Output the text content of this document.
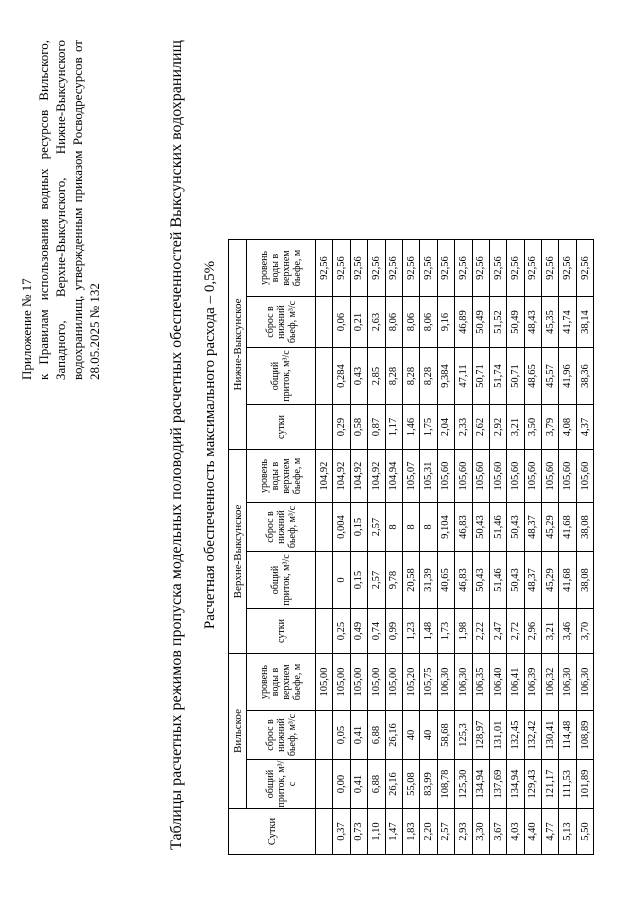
Приложение № 17 к Правилам использования водных ресурсов Вильского, Западного, Верхне-Выксунского, Нижне-Выксунского водохранилищ, утвержденным приказом Росводресурсов от 28.05.2025 № 132	Таблицы расчетных режимов пропуска модельных половодий расчетных обеспеченностей Выксунских водохранилищ Расчетная обеспеченность максимального расхода – 0,5%

Сутки	Вильское			Верхне-Выксунское				Нижне-Выксунское			
	общий приток, м³/с	сброс в нижний бьеф, м³/с	уровень воды в верхнем бьефе, м	сутки	общий приток, м³/с	сброс в нижний бьеф, м³/с	уровень воды в верхнем бьефе, м	сутки	общий приток, м³/с	сброс в нижний бьеф, м³/с	уровень воды в верхнем бьефе, м
			105,00				104,92				92,56
0,37	0,00	0,05	105,00	0,25	0	0,004	104,92	0,29	0,284	0,06	92,56
0,73	0,41	0,41	105,00	0,49	0,15	0,15	104,92	0,58	0,43	0,21	92,56
1,10	6,88	6,88	105,00	0,74	2,57	2,57	104,92	0,87	2,85	2,63	92,56
1,47	26,16	26,16	105,00	0,99	9,78	8	104,94	1,17	8,28	8,06	92,56
1,83	55,08	40	105,20	1,23	20,58	8	105,07	1,46	8,28	8,06	92,56
2,20	83,99	40	105,75	1,48	31,39	8	105,31	1,75	8,28	8,06	92,56
2,57	108,78	58,68	106,30	1,73	40,65	9,104	105,60	2,04	9,384	9,16	92,56
2,93	125,30	125,3	106,30	1,98	46,83	46,83	105,60	2,33	47,11	46,89	92,56
3,30	134,94	128,97	106,35	2,22	50,43	50,43	105,60	2,62	50,71	50,49	92,56
3,67	137,69	131,01	106,40	2,47	51,46	51,46	105,60	2,92	51,74	51,52	92,56
4,03	134,94	132,45	106,41	2,72	50,43	50,43	105,60	3,21	50,71	50,49	92,56
4,40	129,43	132,42	106,39	2,96	48,37	48,37	105,60	3,50	48,65	48,43	92,56
4,77	121,17	130,41	106,32	3,21	45,29	45,29	105,60	3,79	45,57	45,35	92,56
5,13	111,53	114,48	106,30	3,46	41,68	41,68	105,60	4,08	41,96	41,74	92,56
5,50	101,89	108,89	106,30	3,70	38,08	38,08	105,60	4,37	38,36	38,14	92,56
